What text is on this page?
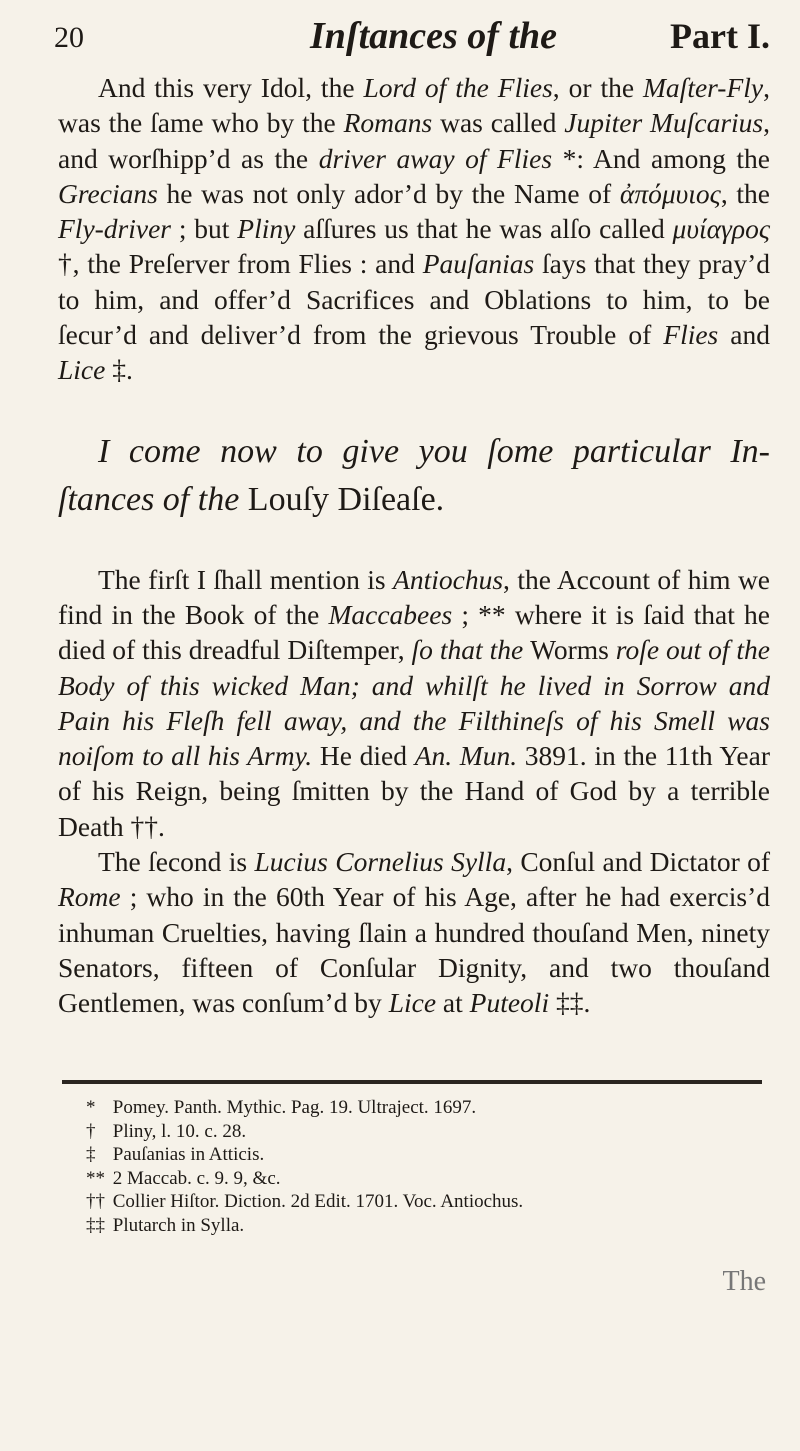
20	Inſtances of the	Part I.

And this very Idol, the Lord of the Flies, or the Maſter-Fly, was the ſame who by the Romans was called Jupiter Muſcarius, and worſhipp’d as the driver away of Flies *: And among the Grecians he was not only ador’d by the Name of ἀπόμυιος, the Fly-driver ; but Pliny aſſures us that he was alſo called μυίαγρος †, the Preſerver from Flies : and Pauſanias ſays that they pray’d to him, and offer’d Sacrifices and Oblations to him, to be ſecur’d and deliver’d from the grievous Trouble of Flies and Lice ‡.

I come now to give you ſome particular In-ſtances of the Louſy Diſeaſe.

The firſt I ſhall mention is Antiochus, the Account of him we find in the Book of the Maccabees ; ** where it is ſaid that he died of this dreadful Diſtemper, ſo that the Worms roſe out of the Body of this wicked Man; and whilſt he lived in Sorrow and Pain his Fleſh fell away, and the Filthineſs of his Smell was noiſom to all his Army. He died An. Mun. 3891. in the 11th Year of his Reign, being ſmitten by the Hand of God by a terrible Death ††.

The ſecond is Lucius Cornelius Sylla, Conſul and Dictator of Rome ; who in the 60th Year of his Age, after he had exercis’d inhuman Cruelties, having ſlain a hundred thouſand Men, ninety Senators, fifteen of Conſular Dignity, and two thouſand Gentlemen, was conſum’d by Lice at Puteoli ‡‡.

* Pomey. Panth. Mythic. Pag. 19. Ultraject. 1697.
† Pliny, l. 10. c. 28.
‡ Pauſanias in Atticis.
** 2 Maccab. c. 9. 9, &c.
†† Collier Hiſtor. Diction. 2d Edit. 1701. Voc. Antiochus.
‡‡ Plutarch in Sylla.
The
